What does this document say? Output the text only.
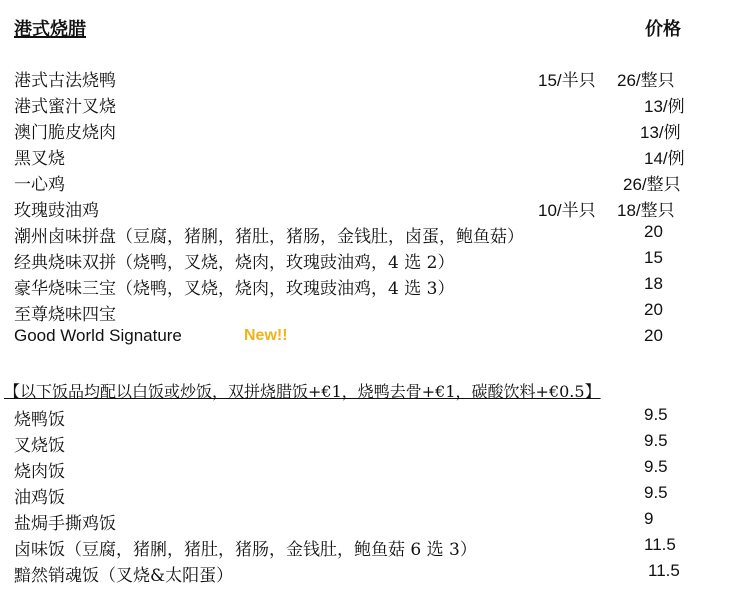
港式烧腊	价格
港式古法烧鸭	15/半只 26/整只
港式蜜汁叉烧	13/例
澳门脆皮烧肉	13/例
黑叉烧	14/例
一心鸡	26/整只
玫瑰豉油鸡	10/半只 18/整只
潮州卤味拼盘（豆腐，猪脷，猪肚，猪肠，金钱肚，卤蛋，鲍鱼菇）	20
经典烧味双拼（烧鸭，叉烧，烧肉，玫瑰豉油鸡，4 选 2）	15
豪华烧味三宝（烧鸭，叉烧，烧肉，玫瑰豉油鸡，4 选 3）	18
至尊烧味四宝	20
Good World Signature	New!!	20
【以下饭品均配以白饭或炒饭，双拼烧腊饭+€1，烧鸭去骨+€1，碳酸饮料+€0.5】
烧鸭饭	9.5
叉烧饭	9.5
烧肉饭	9.5
油鸡饭	9.5
盐焗手撕鸡饭	9
卤味饭（豆腐，猪脷，猪肚，猪肠，金钱肚，鲍鱼菇 6 选 3）	11.5
黯然销魂饭（叉烧&太阳蛋）	11.5
